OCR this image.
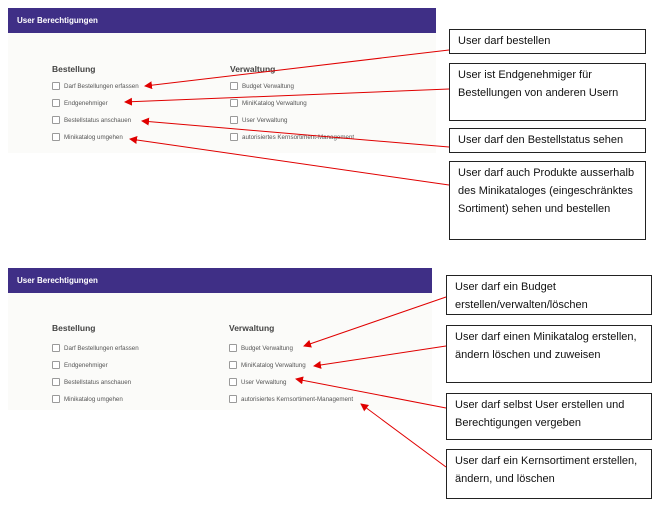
User Berechtigungen
Bestellung	Verwaltung
Darf Bestellungen erfassen
Endgenehmiger
Bestellstatus anschauen
Minikatalog umgehen
Budget Verwaltung
MiniKatalog Verwaltung
User Verwaltung
autorisiertes Kernsortiment-Management
User Berechtigungen
Bestellung	Verwaltung
Darf Bestellungen erfassen
Endgenehmiger
Bestellstatus anschauen
Minikatalog umgehen
Budget Verwaltung
MiniKatalog Verwaltung
User Verwaltung
autorisiertes Kernsortiment-Management
User darf bestellen
User ist Endgenehmiger für Bestellungen von anderen Usern
User darf den Bestellstatus sehen
User darf auch Produkte ausserhalb des Minikataloges (eingeschränktes Sortiment) sehen und bestellen
User darf ein Budget erstellen/verwalten/löschen
User darf einen Minikatalog erstellen, ändern löschen und zuweisen
User darf selbst User erstellen und Berechtigungen vergeben
User darf ein Kernsortiment erstellen, ändern, und löschen
